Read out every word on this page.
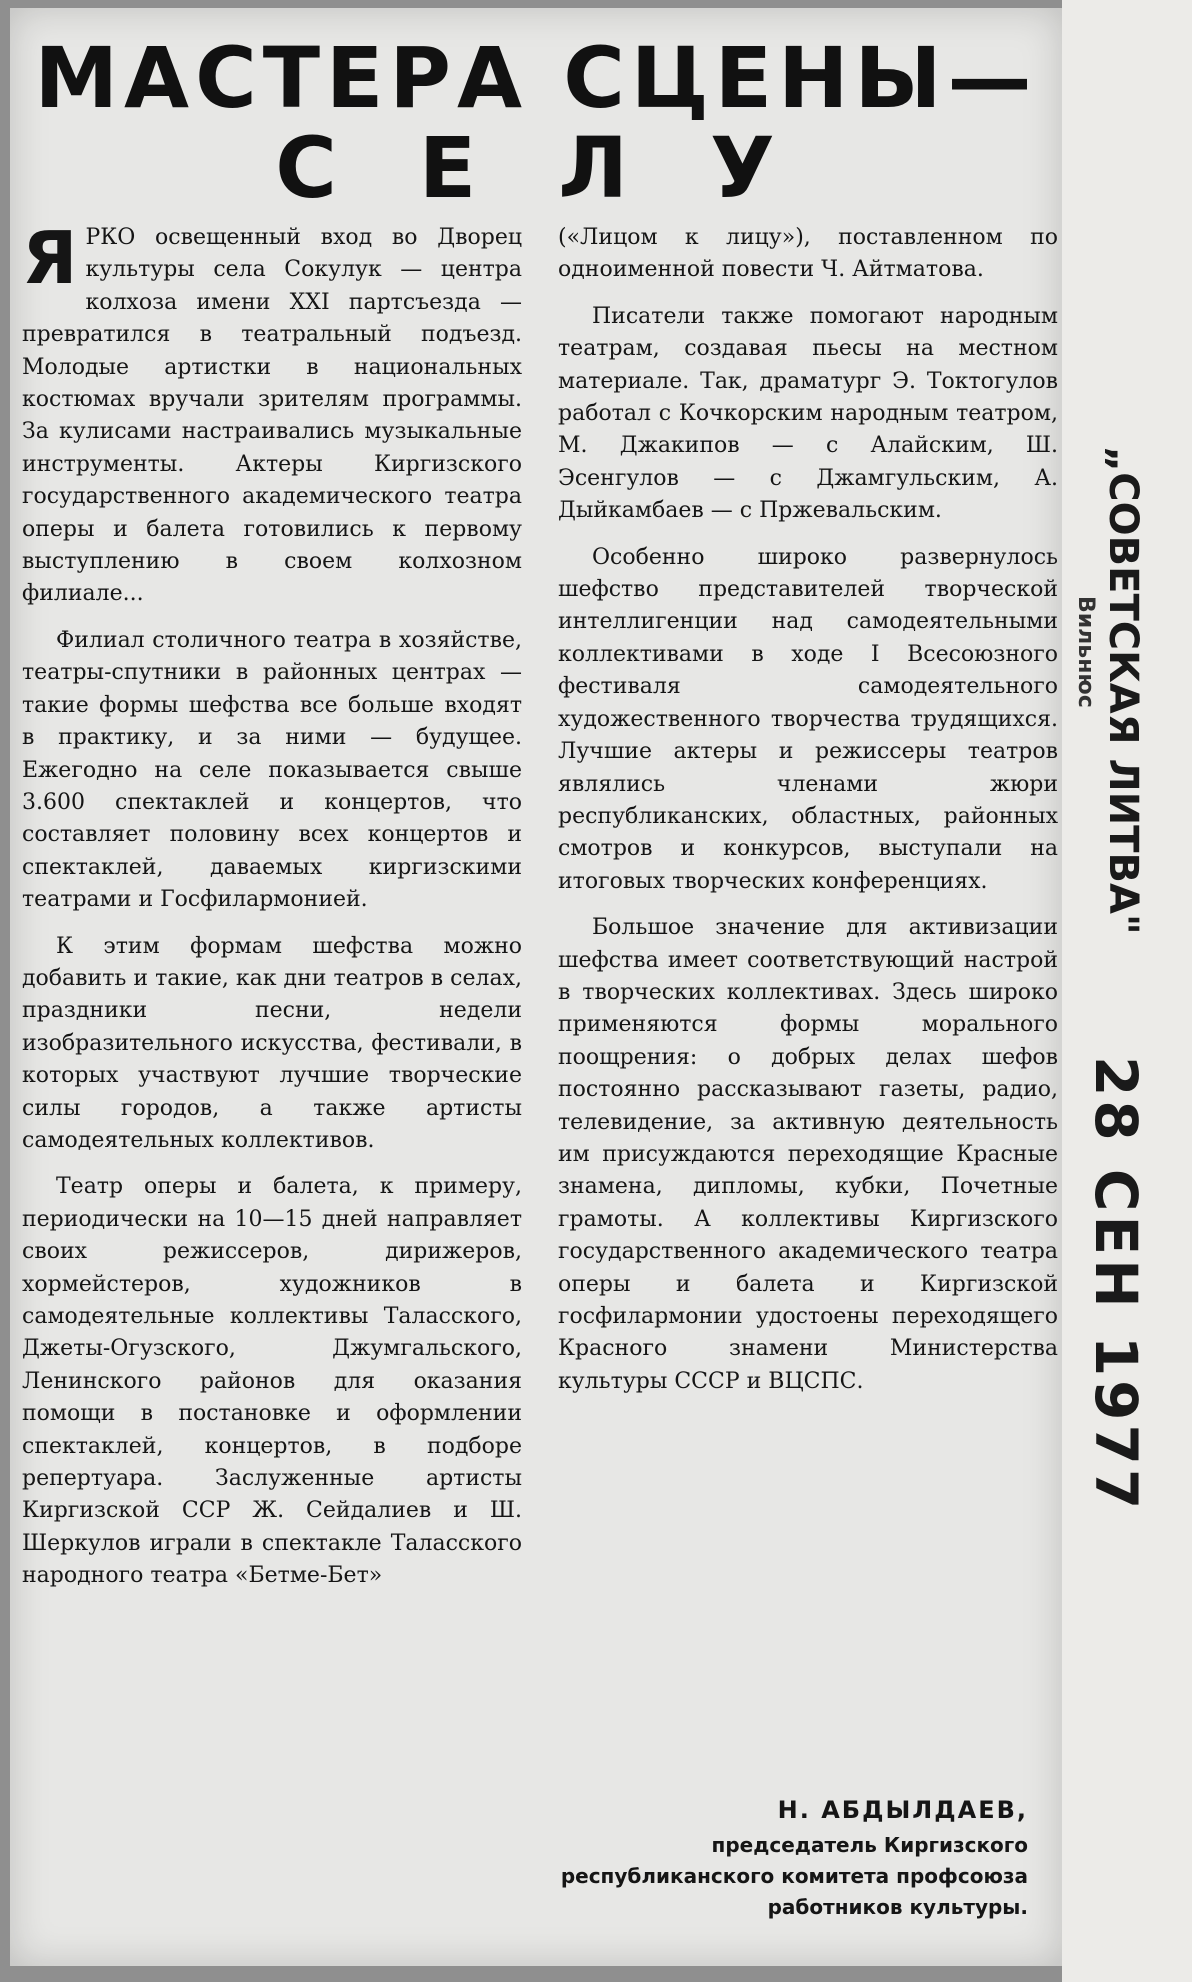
МАСТЕРА СЦЕНЫ—
СЕЛУ

ЯРКО освещенный вход во Дворец культуры села Сокулук — центра колхоза имени XXI партсъезда — превратился в театральный подъезд. Молодые артистки в национальных костюмах вручали зрителям программы. За кулисами настраивались музыкальные инструменты. Актеры Киргизского государственного академического театра оперы и балета готовились к первому выступлению в своем колхозном филиале...

Филиал столичного театра в хозяйстве, театры-спутники в районных центрах — такие формы шефства все больше входят в практику, и за ними — будущее. Ежегодно на селе показывается свыше 3.600 спектаклей и концертов, что составляет половину всех концертов и спектаклей, даваемых киргизскими театрами и Госфилармонией.

К этим формам шефства можно добавить и такие, как дни театров в селах, праздники песни, недели изобразительного искусства, фестивали, в которых участвуют лучшие творческие силы городов, а также артисты самодеятельных коллективов.

Театр оперы и балета, к примеру, периодически на 10—15 дней направляет своих режиссеров, дирижеров, хормейстеров, художников в самодеятельные коллективы Таласского, Джеты-Огузского, Джумгальского, Ленинского районов для оказания помощи в постановке и оформлении спектаклей, концертов, в подборе репертуара. Заслуженные артисты Киргизской ССР Ж. Сейдалиев и Ш. Шеркулов играли в спектакле Таласского народного театра «Бетме-Бет»

(«Лицом к лицу»), поставленном по одноименной повести Ч. Айтматова.

Писатели также помогают народным театрам, создавая пьесы на местном материале. Так, драматург Э. Токтогулов работал с Кочкорским народным театром, М. Джакипов — с Алайским, Ш. Эсенгулов — с Джамгульским, А. Дыйкамбаев — с Пржевальским.

Особенно широко развернулось шефство представителей творческой интеллигенции над самодеятельными коллективами в ходе I Всесоюзного фестиваля самодеятельного художественного творчества трудящихся. Лучшие актеры и режиссеры театров являлись членами жюри республиканских, областных, районных смотров и конкурсов, выступали на итоговых творческих конференциях.

Большое значение для активизации шефства имеет соответствующий настрой в творческих коллективах. Здесь широко применяются формы морального поощрения: о добрых делах шефов постоянно рассказывают газеты, радио, телевидение, за активную деятельность им присуждаются переходящие Красные знамена, дипломы, кубки, Почетные грамоты. А коллективы Киргизского государственного академического театра оперы и балета и Киргизской госфилармонии удостоены переходящего Красного знамени Министерства культуры СССР и ВЦСПС.

Н. АБДЫЛДАЕВ,
председатель Киргизского республиканского комитета профсоюза работников культуры.
„СОВЕТСКАЯ ЛИТВА"
Вильнюс
28 СЕН 1977
